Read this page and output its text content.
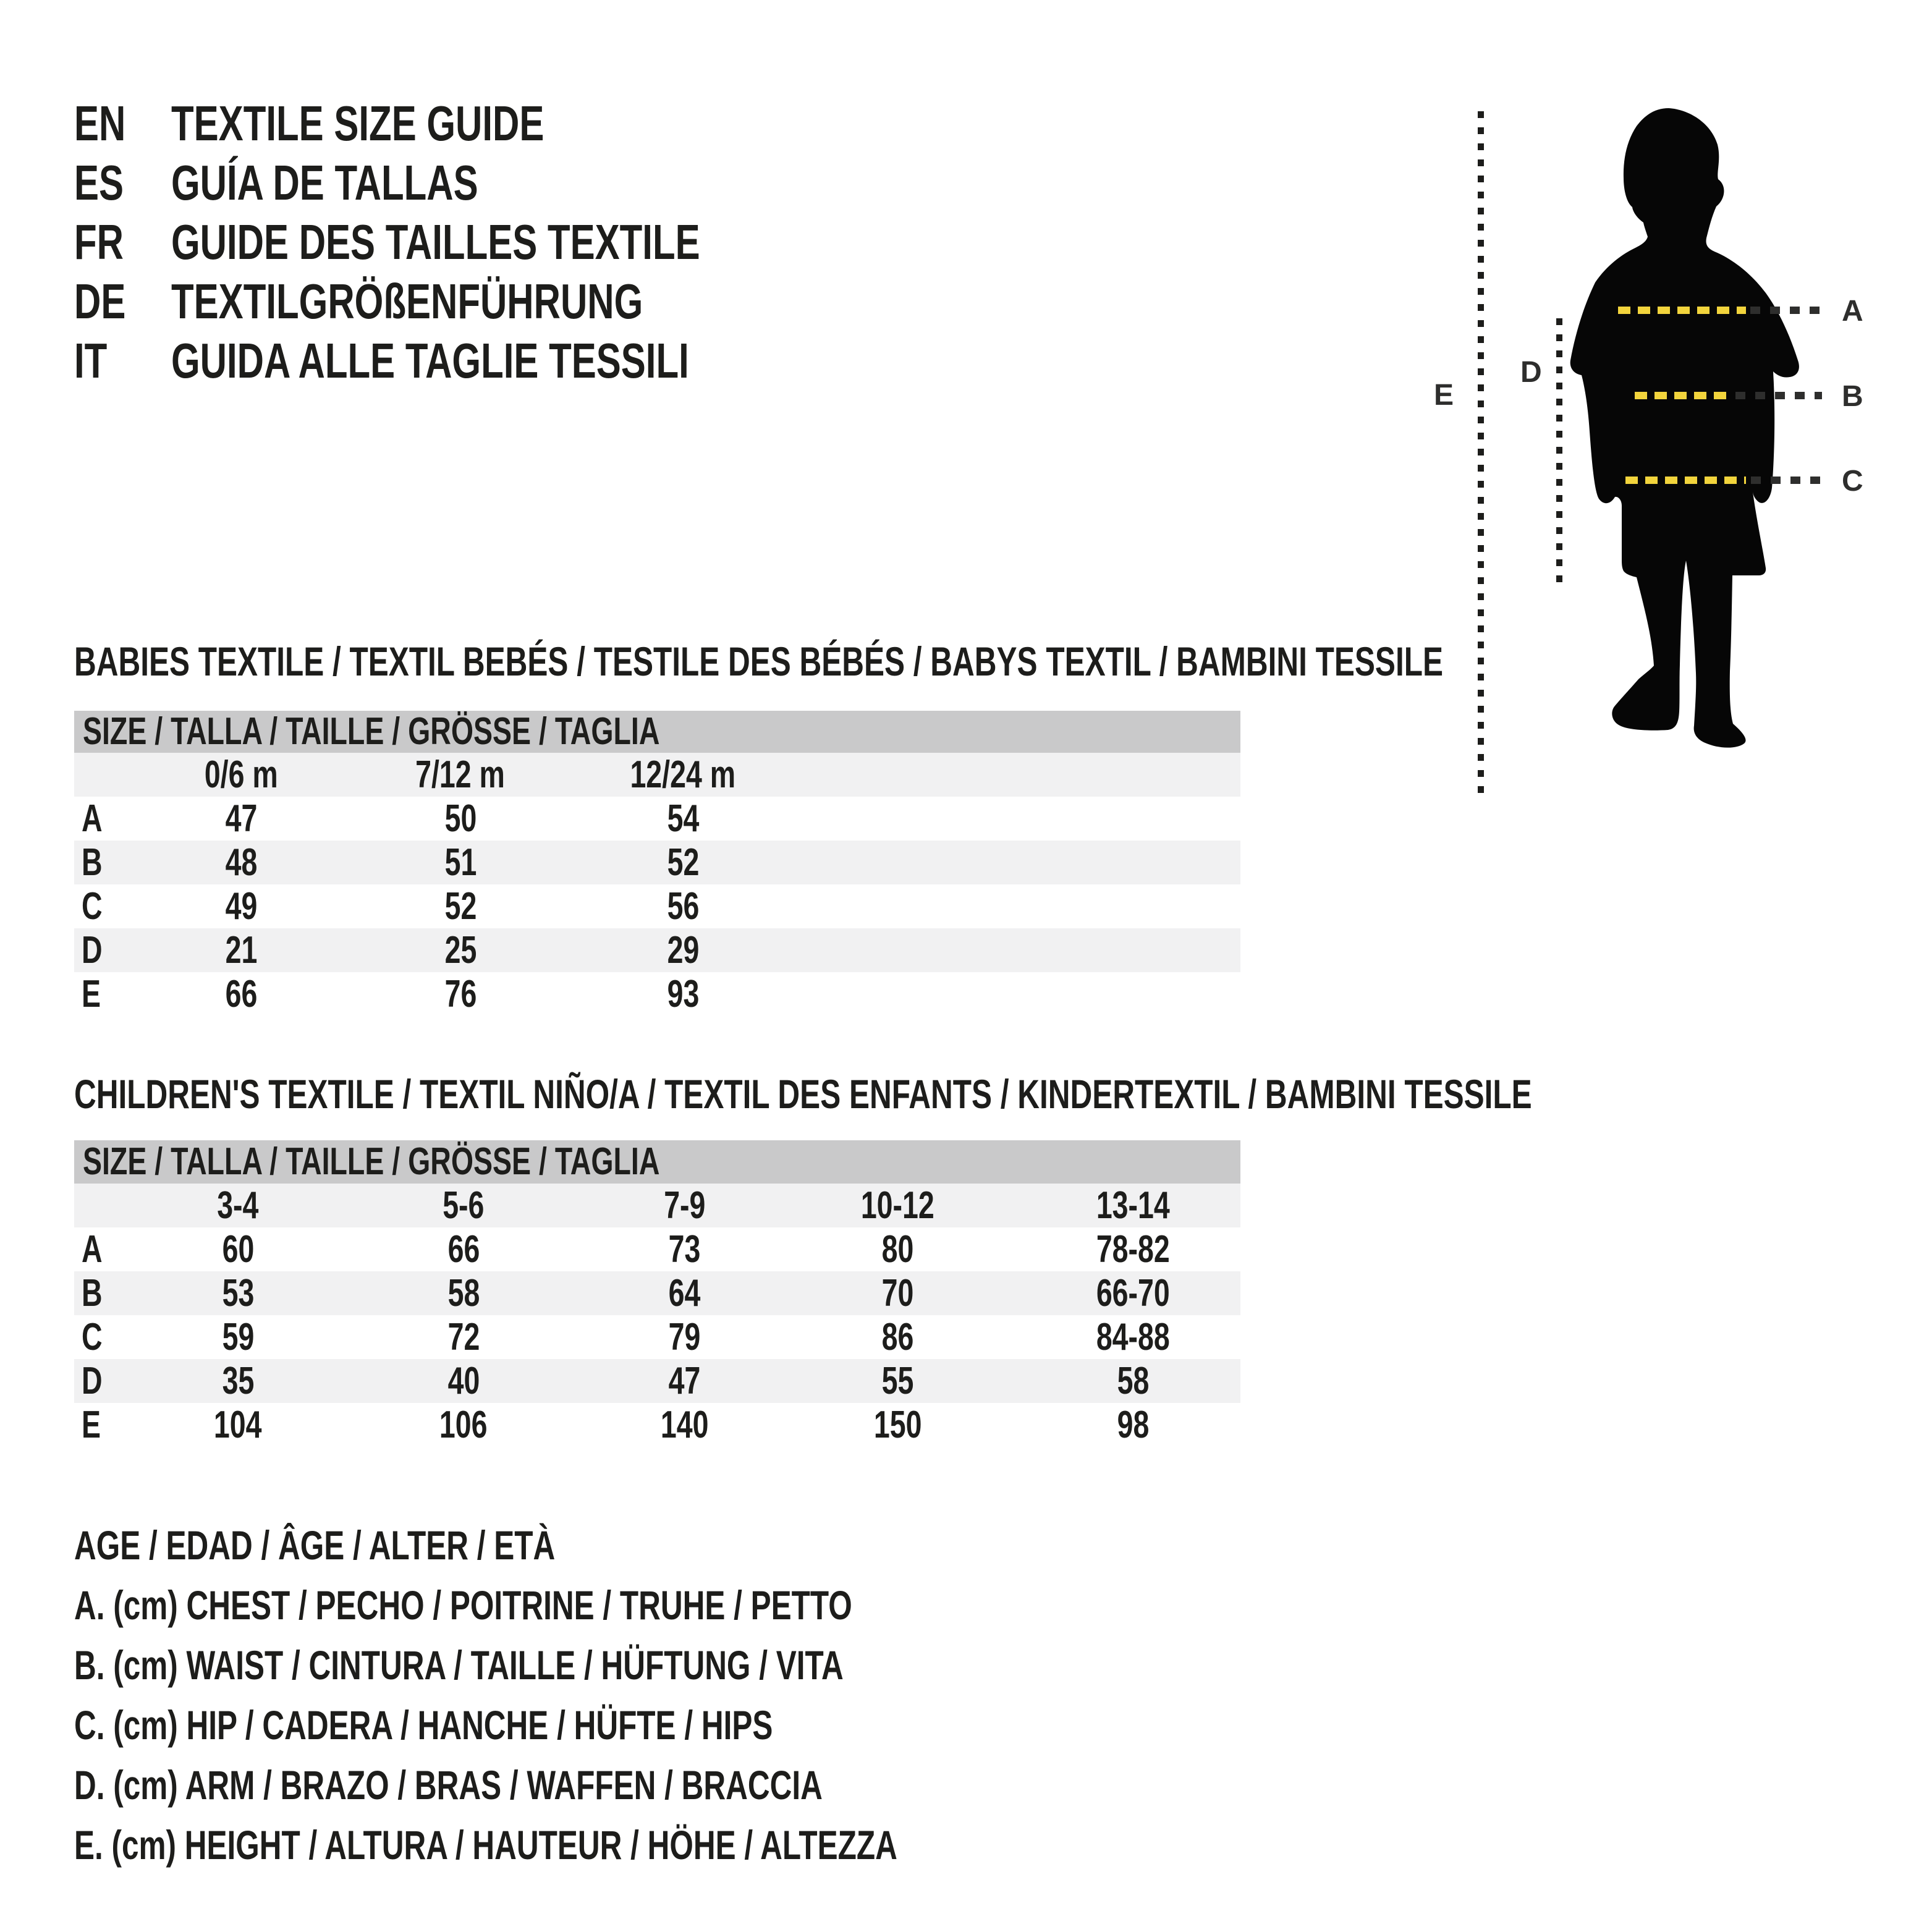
EN TEXTILE SIZE GUIDE
ES GUÍA DE TALLAS
FR GUIDE DES TAILLES TEXTILE
DE TEXTILGRÖßENFÜHRUNG
IT GUIDA ALLE TAGLIE TESSILI
A
B
C
D
E
BABIES TEXTILE / TEXTIL BEBÉS / TESTILE DES BÉBÉS / BABYS TEXTIL / BAMBINI TESSILE
SIZE / TALLA / TAILLE / GRÖSSE / TAGLIA
	0/6 m	7/12 m	12/24 m	
A	47	50	54	
B	48	51	52	
C	49	52	56	
D	21	25	29	
E	66	76	93	
CHILDREN'S TEXTILE / TEXTIL NIÑO/A / TEXTIL DES ENFANTS / KINDERTEXTIL / BAMBINI TESSILE
SIZE / TALLA / TAILLE / GRÖSSE / TAGLIA
	3-4	5-6	7-9	10-12	13-14	
A	60	66	73	80	78-82	
B	53	58	64	70	66-70	
C	59	72	79	86	84-88	
D	35	40	47	55	58	
E	104	106	140	150	98	
AGE / EDAD / ÂGE / ALTER / ETÀ
A. (cm) CHEST / PECHO / POITRINE / TRUHE / PETTO
B. (cm) WAIST / CINTURA / TAILLE / HÜFTUNG / VITA
C. (cm) HIP / CADERA / HANCHE / HÜFTE / HIPS
D. (cm) ARM / BRAZO / BRAS / WAFFEN / BRACCIA
E. (cm) HEIGHT / ALTURA / HAUTEUR / HÖHE / ALTEZZA
